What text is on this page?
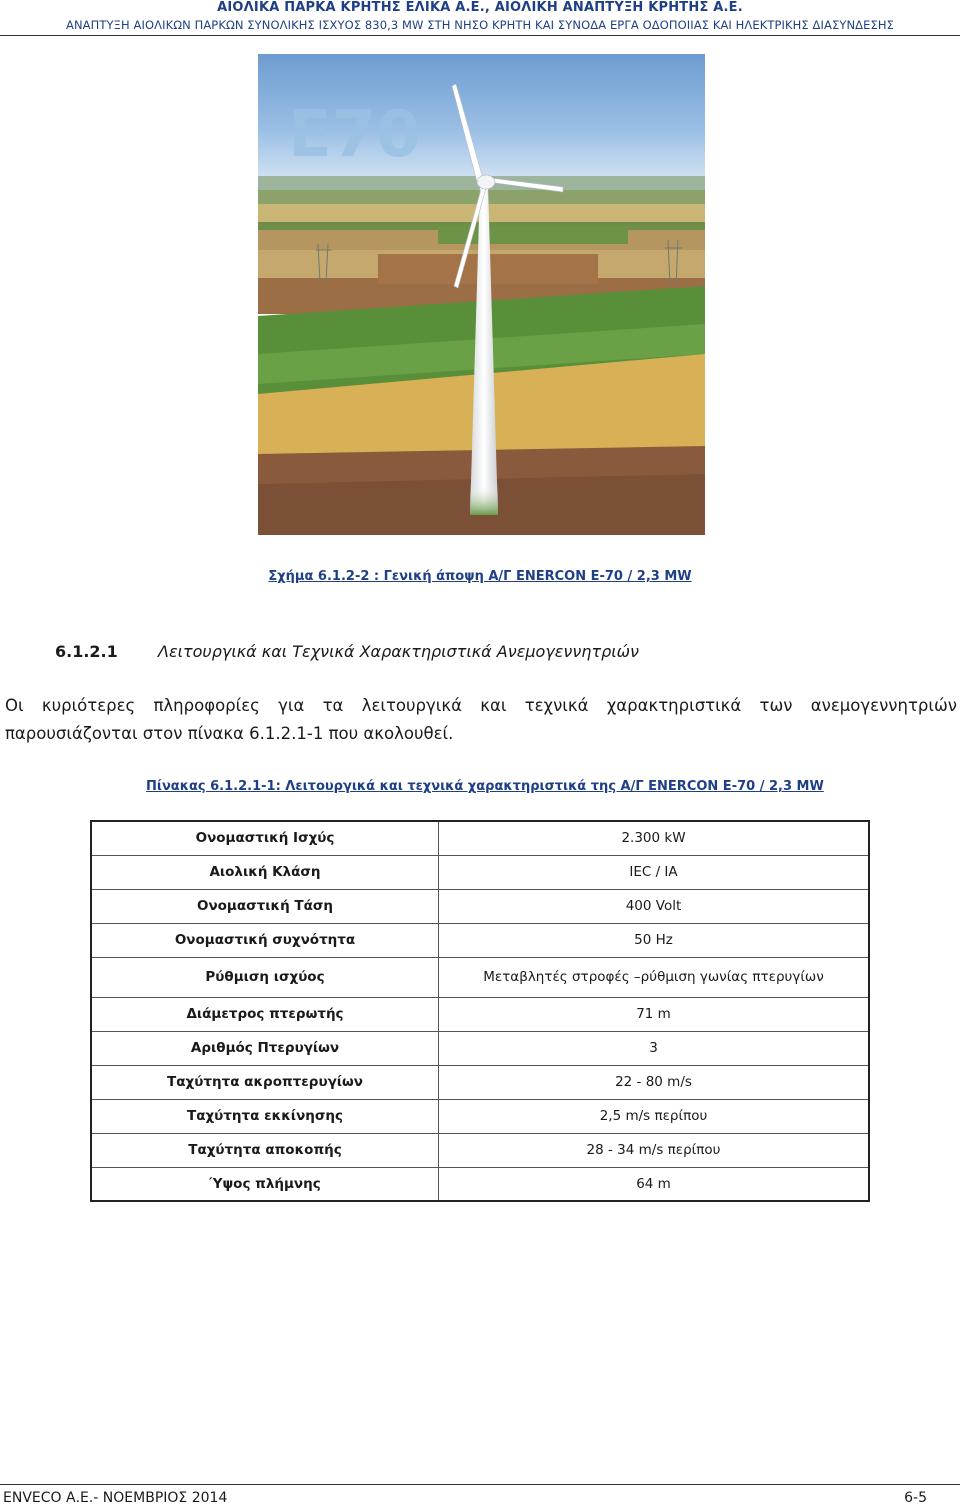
ΑΙΟΛΙΚΑ ΠΑΡΚΑ ΚΡΗΤΗΣ ΕΛΙΚΑ Α.Ε., ΑΙΟΛΙΚΗ ΑΝΑΠΤΥΞΗ ΚΡΗΤΗΣ Α.Ε.
ΑΝΑΠΤΥΞΗ ΑΙΟΛΙΚΩΝ ΠΑΡΚΩΝ ΣΥΝΟΛΙΚΗΣ ΙΣΧΥΟΣ 830,3 MW ΣΤΗ ΝΗΣΟ ΚΡΗΤΗ ΚΑΙ ΣΥΝΟΔΑ ΕΡΓΑ ΟΔΟΠΟΙΙΑΣ ΚΑΙ ΗΛΕΚΤΡΙΚΗΣ ΔΙΑΣΥΝΔΕΣΗΣ
E70
Σχήμα 6.1.2-2 : Γενική άποψη Α/Γ ENERCON E-70 / 2,3 MW
6.1.2.1	Λειτουργικά και Τεχνικά Χαρακτηριστικά Ανεμογεννητριών
Οι κυριότερες πληροφορίες για τα λειτουργικά και τεχνικά χαρακτηριστικά των ανεμογεννητριών παρουσιάζονται στον πίνακα 6.1.2.1-1 που ακολουθεί.
Πίνακας 6.1.2.1-1: Λειτουργικά και τεχνικά χαρακτηριστικά της Α/Γ ENERCON E-70 / 2,3 MW
Ονομαστική Ισχύς	2.300 kW
Αιολική Κλάση	IEC / IA
Ονομαστική Τάση	400 Volt
Ονομαστική συχνότητα	50 Hz
Ρύθμιση ισχύος	Μεταβλητές στροφές –ρύθμιση γωνίας πτερυγίων
Διάμετρος πτερωτής	71 m
Αριθμός Πτερυγίων	3
Ταχύτητα ακροπτερυγίων	22 - 80 m/s
Ταχύτητα εκκίνησης	2,5 m/s περίπου
Ταχύτητα αποκοπής	28 - 34 m/s περίπου
Ύψος πλήμνης	64 m
ENVECO Α.Ε.- ΝΟΕΜΒΡΙΟΣ 2014	6-5
